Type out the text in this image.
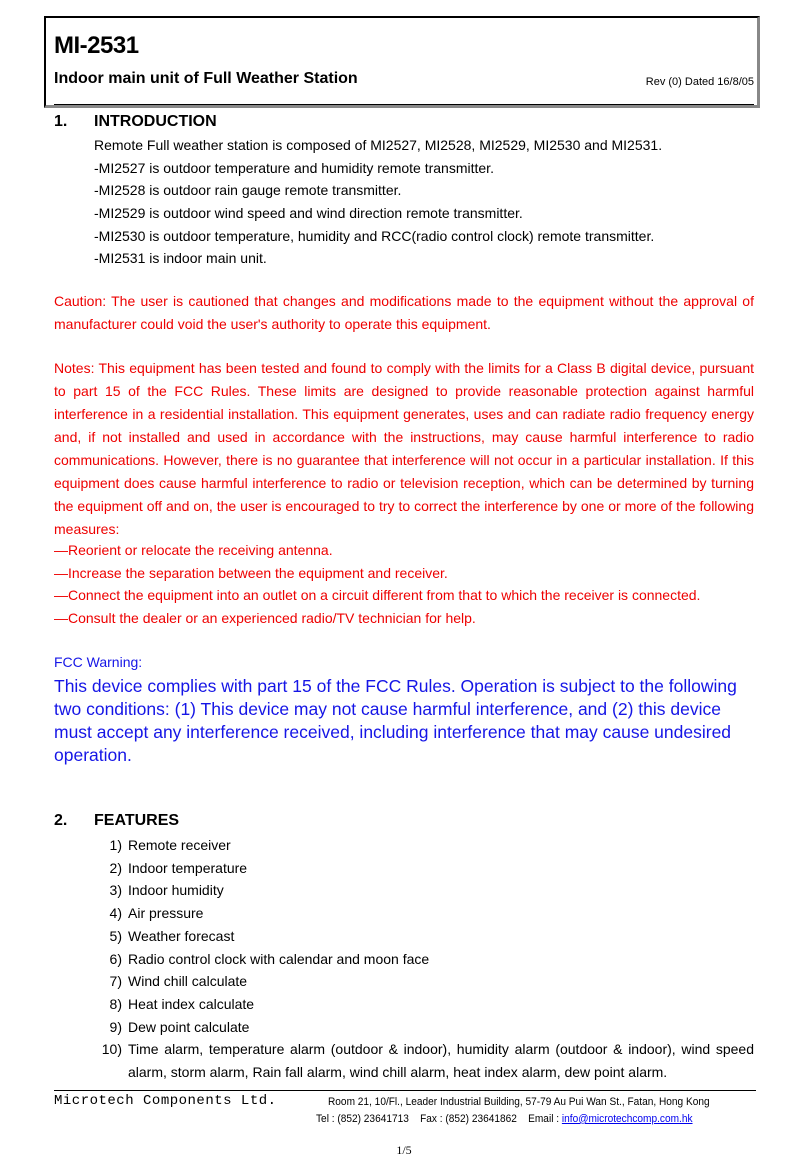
MI-2531
Indoor main unit of Full Weather Station	Rev (0) Dated 16/8/05
1. INTRODUCTION
Remote Full weather station is composed of MI2527, MI2528, MI2529, MI2530 and MI2531.
-MI2527 is outdoor temperature and humidity remote transmitter.
-MI2528 is outdoor rain gauge remote transmitter.
-MI2529 is outdoor wind speed and wind direction remote transmitter.
-MI2530 is outdoor temperature, humidity and RCC(radio control clock) remote transmitter.
-MI2531 is indoor main unit.
Caution: The user is cautioned that changes and modifications made to the equipment without the approval of manufacturer could void the user's authority to operate this equipment.
Notes: This equipment has been tested and found to comply with the limits for a Class B digital device, pursuant to part 15 of the FCC Rules. These limits are designed to provide reasonable protection against harmful interference in a residential installation. This equipment generates, uses and can radiate radio frequency energy and, if not installed and used in accordance with the instructions, may cause harmful interference to radio communications. However, there is no guarantee that interference will not occur in a particular installation. If this equipment does cause harmful interference to radio or television reception, which can be determined by turning the equipment off and on, the user is encouraged to try to correct the interference by one or more of the following measures:
—Reorient or relocate the receiving antenna.
—Increase the separation between the equipment and receiver.
—Connect the equipment into an outlet on a circuit different from that to which the receiver is connected.
—Consult the dealer or an experienced radio/TV technician for help.
FCC Warning:
This device complies with part 15 of the FCC Rules. Operation is subject to the following two conditions: (1) This device may not cause harmful interference, and (2) this device must accept any interference received, including interference that may cause undesired operation.
2. FEATURES
1) Remote receiver
2) Indoor temperature
3) Indoor humidity
4) Air pressure
5) Weather forecast
6) Radio control clock with calendar and moon face
7) Wind chill calculate
8) Heat index calculate
9) Dew point calculate
10) Time alarm, temperature alarm (outdoor & indoor), humidity alarm (outdoor & indoor), wind speed alarm, storm alarm, Rain fall alarm, wind chill alarm, heat index alarm, dew point alarm.
Microtech Components Ltd.	Room 21, 10/Fl., Leader Industrial Building, 57-79 Au Pui Wan St., Fatan, Hong Kong
Tel : (852) 23641713 Fax : (852) 23641862 Email : info@microtechcomp.com.hk
1/5
